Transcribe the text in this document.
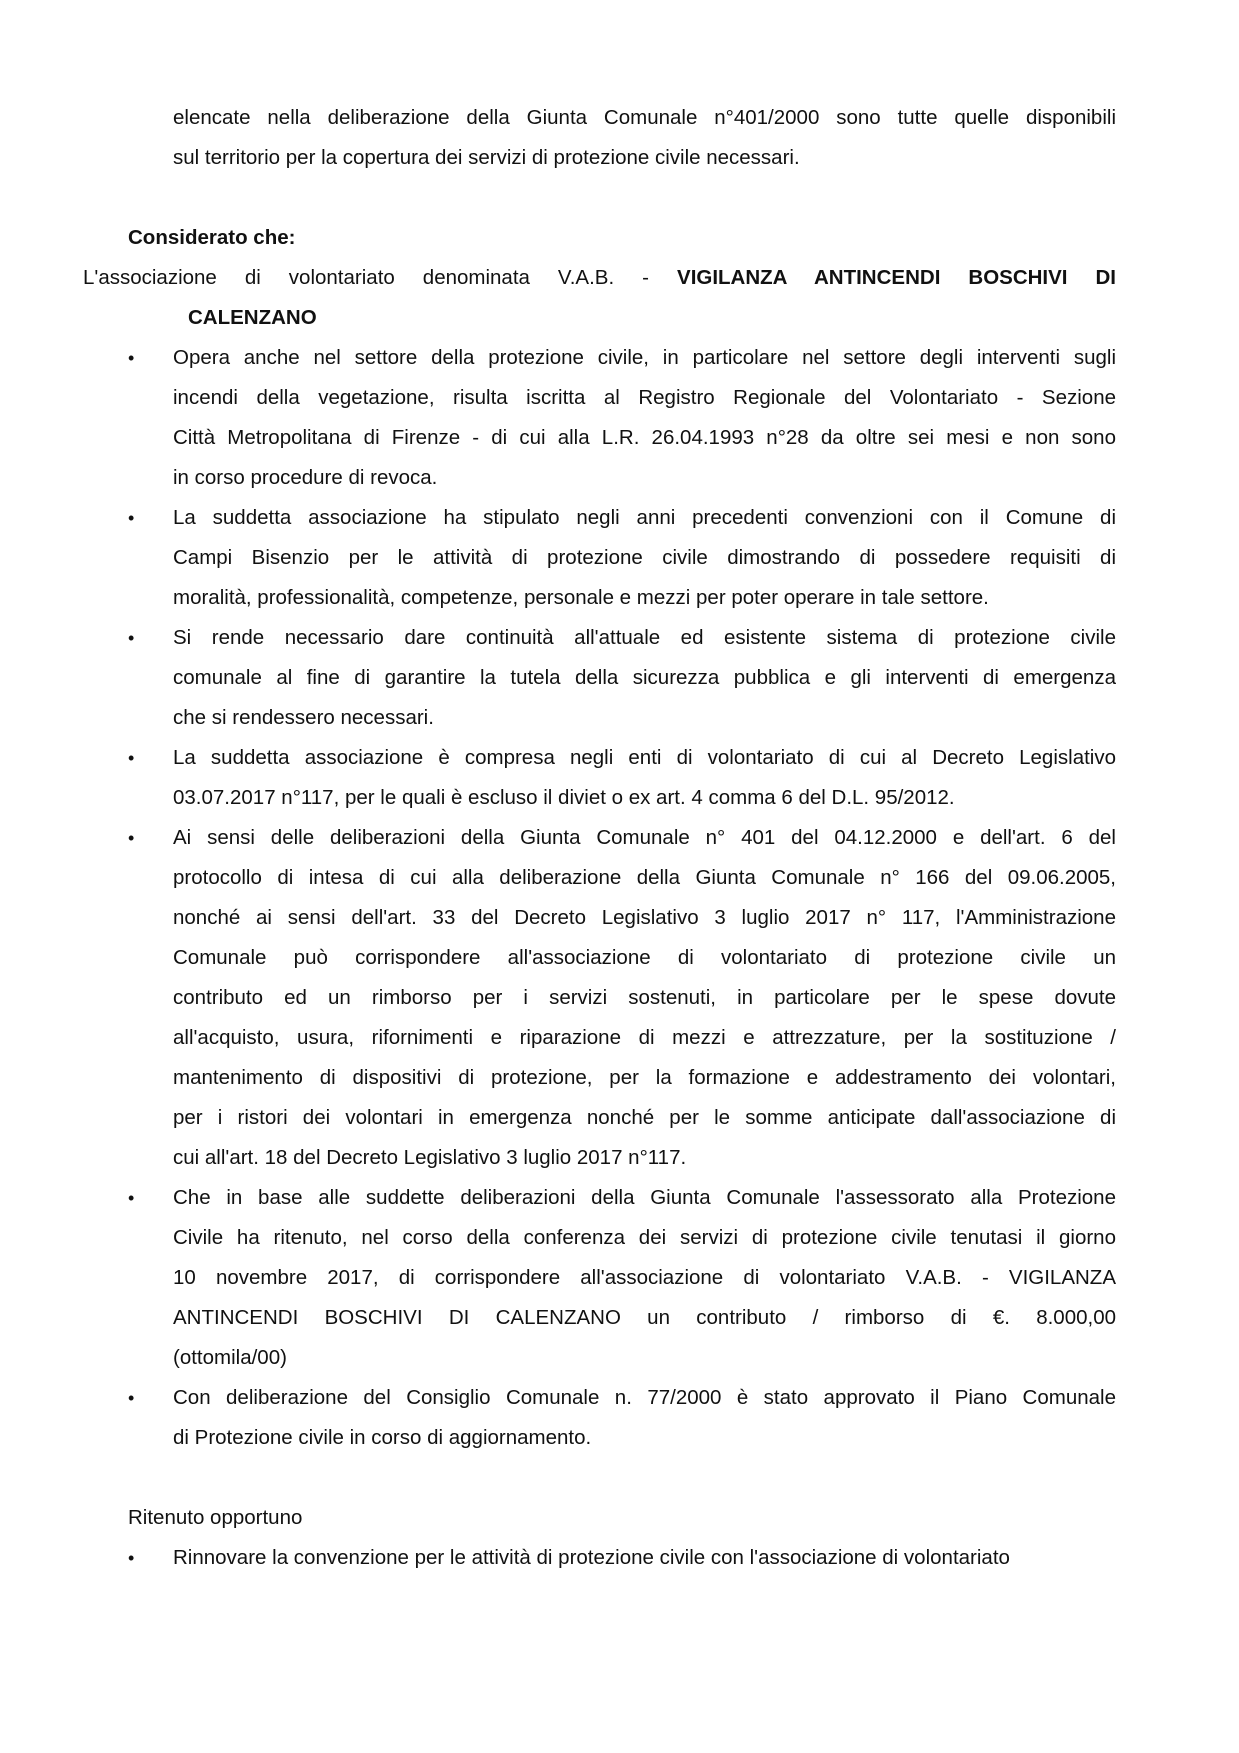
elencate nella deliberazione della Giunta Comunale n°401/2000 sono tutte quelle disponibili
sul territorio per la copertura dei servizi di protezione civile necessari.
Considerato che:
L'associazione di volontariato denominata V.A.B. - VIGILANZA ANTINCENDI BOSCHIVI DI
CALENZANO
• Opera anche nel settore della protezione civile, in particolare nel settore degli interventi sugli
incendi della vegetazione, risulta iscritta al Registro Regionale del Volontariato - Sezione
Città Metropolitana di Firenze - di cui alla L.R. 26.04.1993 n°28 da oltre sei mesi e non sono
in corso procedure di revoca.
• La suddetta associazione ha stipulato negli anni precedenti convenzioni con il Comune di
Campi Bisenzio per le attività di protezione civile dimostrando di possedere requisiti di
moralità, professionalità, competenze, personale e mezzi per poter operare in tale settore.
• Si rende necessario dare continuità all'attuale ed esistente sistema di protezione civile
comunale al fine di garantire la tutela della sicurezza pubblica e gli interventi di emergenza
che si rendessero necessari.
• La suddetta associazione è compresa negli enti di volontariato di cui al Decreto Legislativo
03.07.2017 n°117, per le quali è escluso il diviet o ex art. 4 comma 6 del D.L. 95/2012.
• Ai sensi delle deliberazioni della Giunta Comunale n° 401 del 04.12.2000 e dell'art. 6 del
protocollo di intesa di cui alla deliberazione della Giunta Comunale n° 166 del 09.06.2005,
nonché ai sensi dell'art. 33 del Decreto Legislativo 3 luglio 2017 n° 117, l'Amministrazione
Comunale può corrispondere all'associazione di volontariato di protezione civile un
contributo ed un rimborso per i servizi sostenuti, in particolare per le spese dovute
all'acquisto, usura, rifornimenti e riparazione di mezzi e attrezzature, per la sostituzione /
mantenimento di dispositivi di protezione, per la formazione e addestramento dei volontari,
per i ristori dei volontari in emergenza nonché per le somme anticipate dall'associazione di
cui all'art. 18 del Decreto Legislativo 3 luglio 2017 n°117.
• Che in base alle suddette deliberazioni della Giunta Comunale l'assessorato alla Protezione
Civile ha ritenuto, nel corso della conferenza dei servizi di protezione civile tenutasi il giorno
10 novembre 2017, di corrispondere all'associazione di volontariato V.A.B. - VIGILANZA
ANTINCENDI BOSCHIVI DI CALENZANO un contributo / rimborso di €. 8.000,00
(ottomila/00)
• Con deliberazione del Consiglio Comunale n. 77/2000 è stato approvato il Piano Comunale
di Protezione civile in corso di aggiornamento.
Ritenuto opportuno
• Rinnovare la convenzione per le attività di protezione civile con l'associazione di volontariato
